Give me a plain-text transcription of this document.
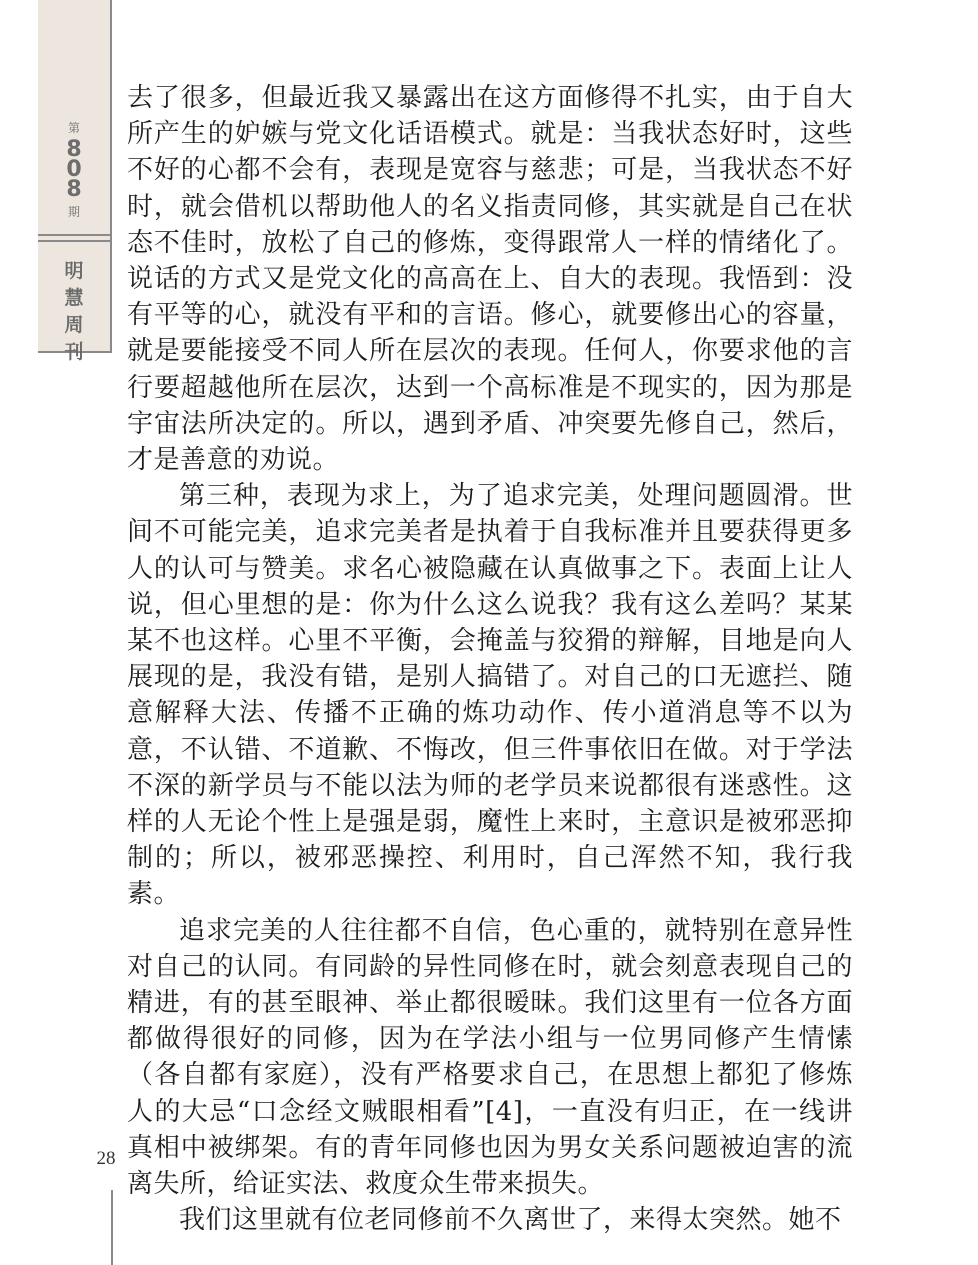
第
808
期
明
慧
周
刊
28

去了很多，但最近我又暴露出在这方面修得不扎实，由于自大所产生的妒嫉与党文化话语模式。就是：当我状态好时，这些不好的心都不会有，表现是宽容与慈悲；可是，当我状态不好时，就会借机以帮助他人的名义指责同修，其实就是自己在状态不佳时，放松了自己的修炼，变得跟常人一样的情绪化了。说话的方式又是党文化的高高在上、自大的表现。我悟到：没有平等的心，就没有平和的言语。修心，就要修出心的容量，就是要能接受不同人所在层次的表现。任何人，你要求他的言行要超越他所在层次，达到一个高标准是不现实的，因为那是宇宙法所决定的。所以，遇到矛盾、冲突要先修自己，然后，才是善意的劝说。

第三种，表现为求上，为了追求完美，处理问题圆滑。世间不可能完美，追求完美者是执着于自我标准并且要获得更多人的认可与赞美。求名心被隐藏在认真做事之下。表面上让人说，但心里想的是：你为什么这么说我？我有这么差吗？某某某不也这样。心里不平衡，会掩盖与狡猾的辩解，目地是向人展现的是，我没有错，是别人搞错了。对自己的口无遮拦、随意解释大法、传播不正确的炼功动作、传小道消息等不以为意，不认错、不道歉、不悔改，但三件事依旧在做。对于学法不深的新学员与不能以法为师的老学员来说都很有迷惑性。这样的人无论个性上是强是弱，魔性上来时，主意识是被邪恶抑制的；所以，被邪恶操控、利用时，自己浑然不知，我行我素。

追求完美的人往往都不自信，色心重的，就特别在意异性对自己的认同。有同龄的异性同修在时，就会刻意表现自己的精进，有的甚至眼神、举止都很暧昧。我们这里有一位各方面都做得很好的同修，因为在学法小组与一位男同修产生情愫（各自都有家庭），没有严格要求自己，在思想上都犯了修炼人的大忌“口念经文贼眼相看”[4]，一直没有归正，在一线讲真相中被绑架。有的青年同修也因为男女关系问题被迫害的流离失所，给证实法、救度众生带来损失。

我们这里就有位老同修前不久离世了，来得太突然。她不
